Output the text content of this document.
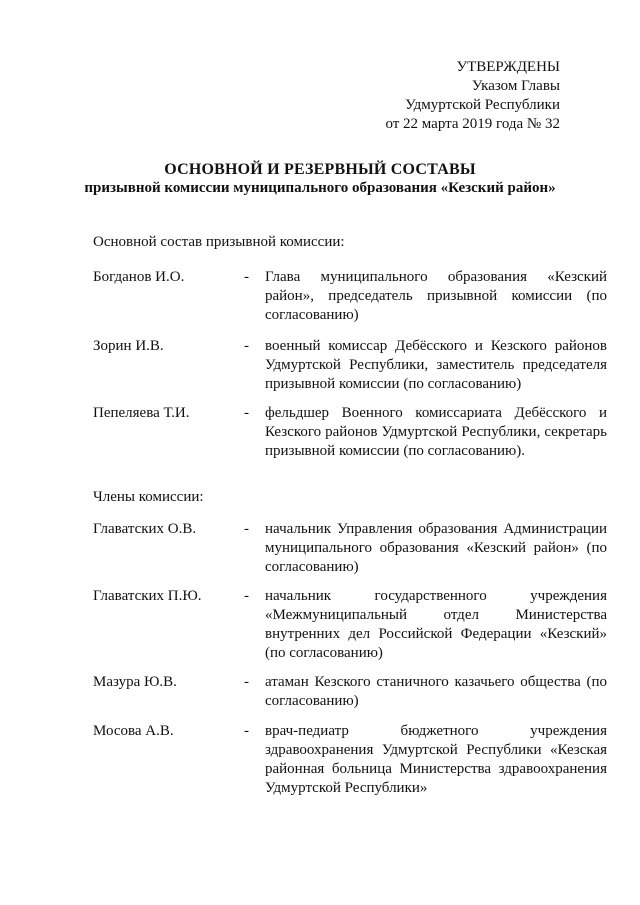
УТВЕРЖДЕНЫ
Указом Главы
Удмуртской Республики
от 22 марта 2019 года № 32
ОСНОВНОЙ И РЕЗЕРВНЫЙ СОСТАВЫ
призывной комиссии муниципального образования «Кезский район»
Основной состав призывной комиссии:
Богданов И.О.	- Глава муниципального образования «Кезский район», председатель призывной комиссии (по согласованию)
Зорин И.В.	- военный комиссар Дебёсского и Кезского районов Удмуртской Республики, заместитель председателя призывной комиссии (по согласованию)
Пепеляева Т.И.	- фельдшер Военного комиссариата Дебёсского и Кезского районов Удмуртской Республики, секретарь призывной комиссии (по согласованию).
Члены комиссии:
Главатских О.В.	- начальник Управления образования Администрации муниципального образования «Кезский район» (по согласованию)
Главатских П.Ю.	- начальник государственного учреждения «Межмуниципальный отдел Министерства внутренних дел Российской Федерации «Кезский» (по согласованию)
Мазура Ю.В.	- атаман Кезского станичного казачьего общества (по согласованию)
Мосова А.В.	- врач-педиатр бюджетного учреждения здравоохранения Удмуртской Республики «Кезская районная больница Министерства здравоохранения Удмуртской Республики»
